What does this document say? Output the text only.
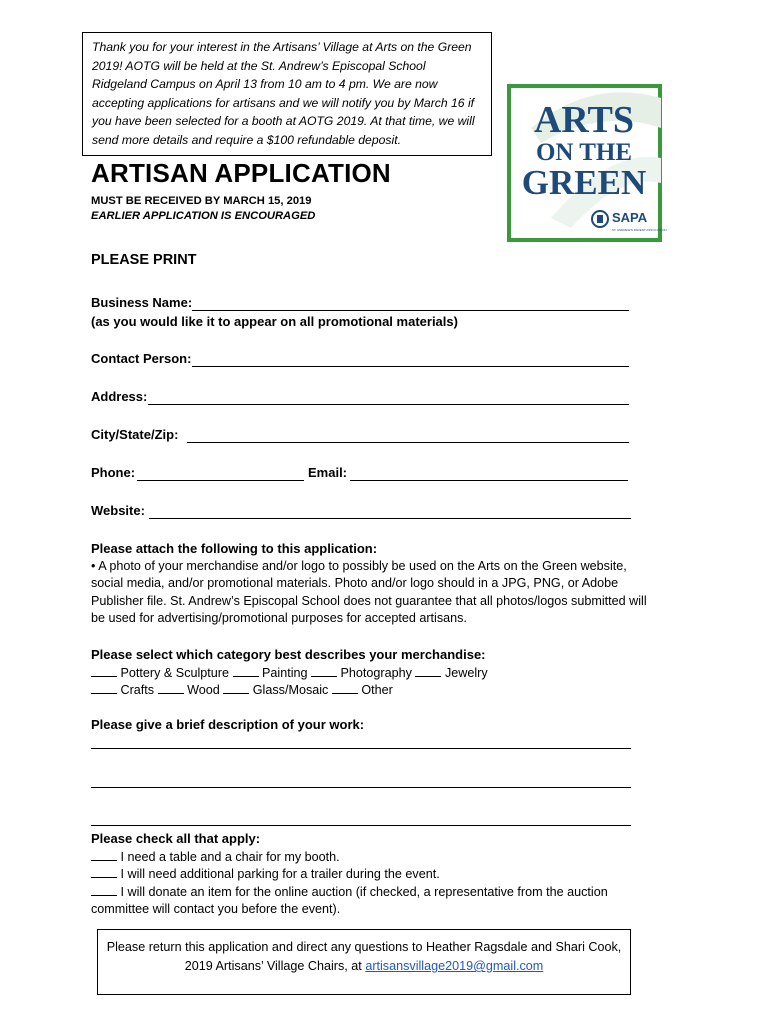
Thank you for your interest in the Artisans’ Village at Arts on the Green 2019! AOTG will be held at the St. Andrew’s Episcopal School Ridgeland Campus on April 13 from 10 am to 4 pm. We are now accepting applications for artisans and we will notify you by March 16 if you have been selected for a booth at AOTG 2019. At that time, we will send more details and require a $100 refundable deposit.	ARTS
ON THE
GREEN
SAPA
ST. ANDREW'S PARENT ASSOCIATION
ARTISAN APPLICATION
MUST BE RECEIVED BY MARCH 15, 2019
EARLIER APPLICATION IS ENCOURAGED
PLEASE PRINT
Business Name:
(as you would like it to appear on all promotional materials)
Contact Person:
Address:
City/State/Zip:
Phone:	Email:
Website:
Please attach the following to this application:
• A photo of your merchandise and/or logo to possibly be used on the Arts on the Green website, social media, and/or promotional materials. Photo and/or logo should in a JPG, PNG, or Adobe Publisher file. St. Andrew’s Episcopal School does not guarantee that all photos/logos submitted will be used for advertising/promotional purposes for accepted artisans.
Please select which category best describes your merchandise:
Pottery & Sculpture	Painting	Photography	Jewelry
Crafts	Wood	Glass/Mosaic	Other
Please give a brief description of your work:
Please check all that apply:
I need a table and a chair for my booth.
I will need additional parking for a trailer during the event.
I will donate an item for the online auction (if checked, a representative from the auction committee will contact you before the event).
Please return this application and direct any questions to Heather Ragsdale and Shari Cook,
2019 Artisans’ Village Chairs, at artisansvillage2019@gmail.com
